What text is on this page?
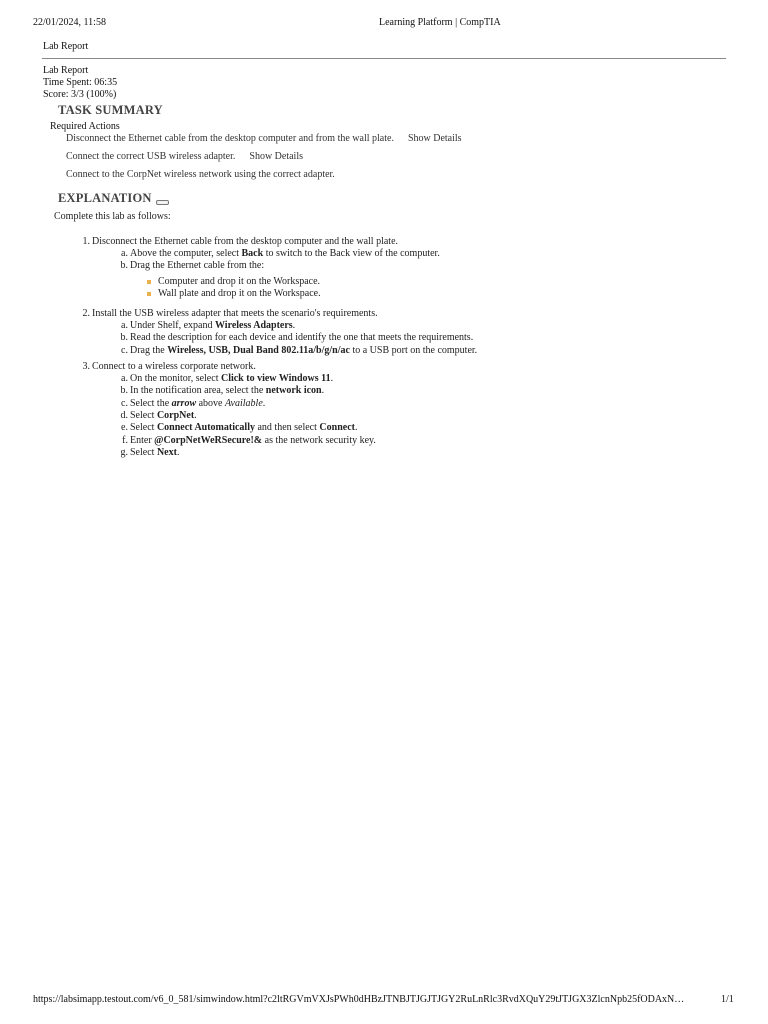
22/01/2024, 11:58	Learning Platform | CompTIA
Lab Report
Lab Report
Time Spent: 06:35
Score: 3/3 (100%)
TASK SUMMARY
Required Actions
Disconnect the Ethernet cable from the desktop computer and from the wall plate. Show Details
Connect the correct USB wireless adapter. Show Details
Connect to the CorpNet wireless network using the correct adapter.
EXPLANATION
Complete this lab as follows:
1. Disconnect the Ethernet cable from the desktop computer and the wall plate.
a. Above the computer, select Back to switch to the Back view of the computer.
b. Drag the Ethernet cable from the:
Computer and drop it on the Workspace.
Wall plate and drop it on the Workspace.
2. Install the USB wireless adapter that meets the scenario's requirements.
a. Under Shelf, expand Wireless Adapters.
b. Read the description for each device and identify the one that meets the requirements.
c. Drag the Wireless, USB, Dual Band 802.11a/b/g/n/ac to a USB port on the computer.
3. Connect to a wireless corporate network.
a. On the monitor, select Click to view Windows 11.
b. In the notification area, select the network icon.
c. Select the arrow above Available.
d. Select CorpNet.
e. Select Connect Automatically and then select Connect.
f. Enter @CorpNetWeRSecure!& as the network security key.
g. Select Next.
https://labsimapp.testout.com/v6_0_581/simwindow.html?c2ltRGVmVXJsPWh0dHBzJTNBJTJGJTJGY2RuLnRlc3RvdXQuY29tJTJGX3ZlcnNpb25fODAxN…	1/1
